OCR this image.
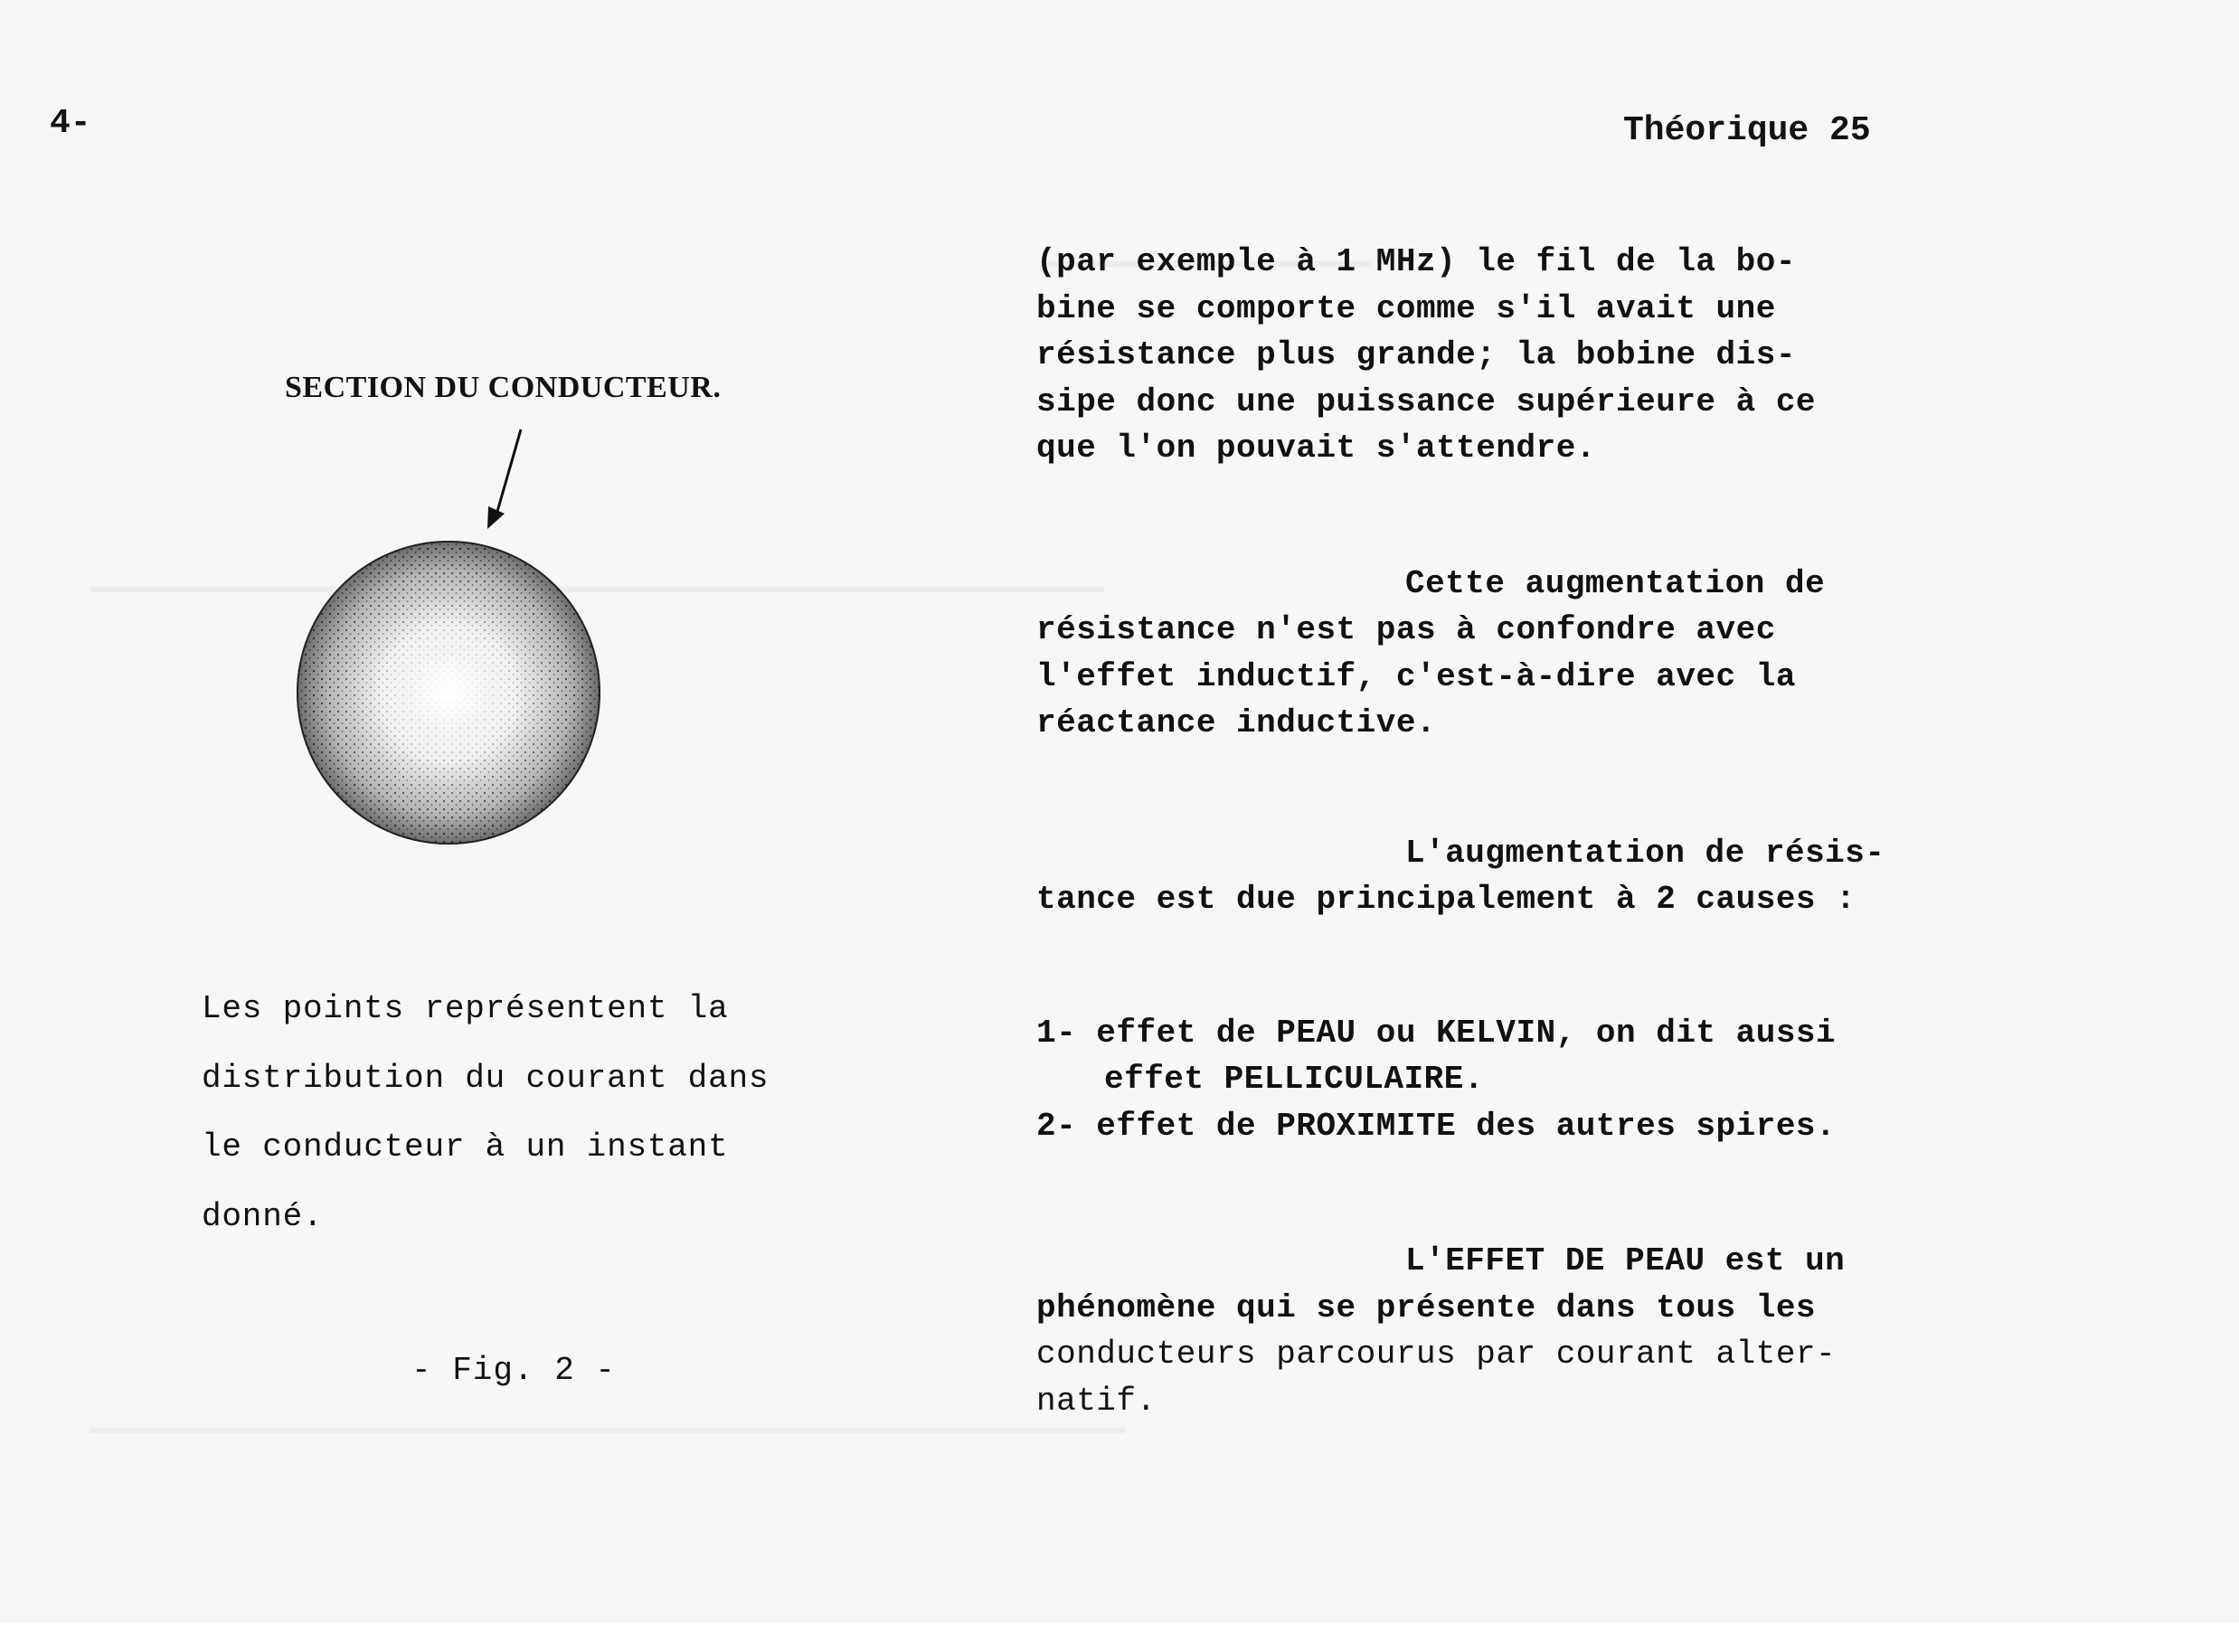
4-	Théorique 25
SECTION DU CONDUCTEUR.
Les points représentent la
distribution du courant dans
le conducteur à un instant
donné.
- Fig. 2 -
(par exemple à 1 MHz) le fil de la bo-
bine se comporte comme s'il avait une
résistance plus grande; la bobine dis-
sipe donc une puissance supérieure à ce
que l'on pouvait s'attendre.
Cette augmentation de
résistance n'est pas à confondre avec
l'effet inductif, c'est-à-dire avec la
réactance inductive.
L'augmentation de résis-
tance est due principalement à 2 causes :
1- effet de PEAU ou KELVIN, on dit aussi
effet PELLICULAIRE.
2- effet de PROXIMITE des autres spires.
L'EFFET DE PEAU est un
phénomène qui se présente dans tous les
conducteurs parcourus par courant alter-
natif.
